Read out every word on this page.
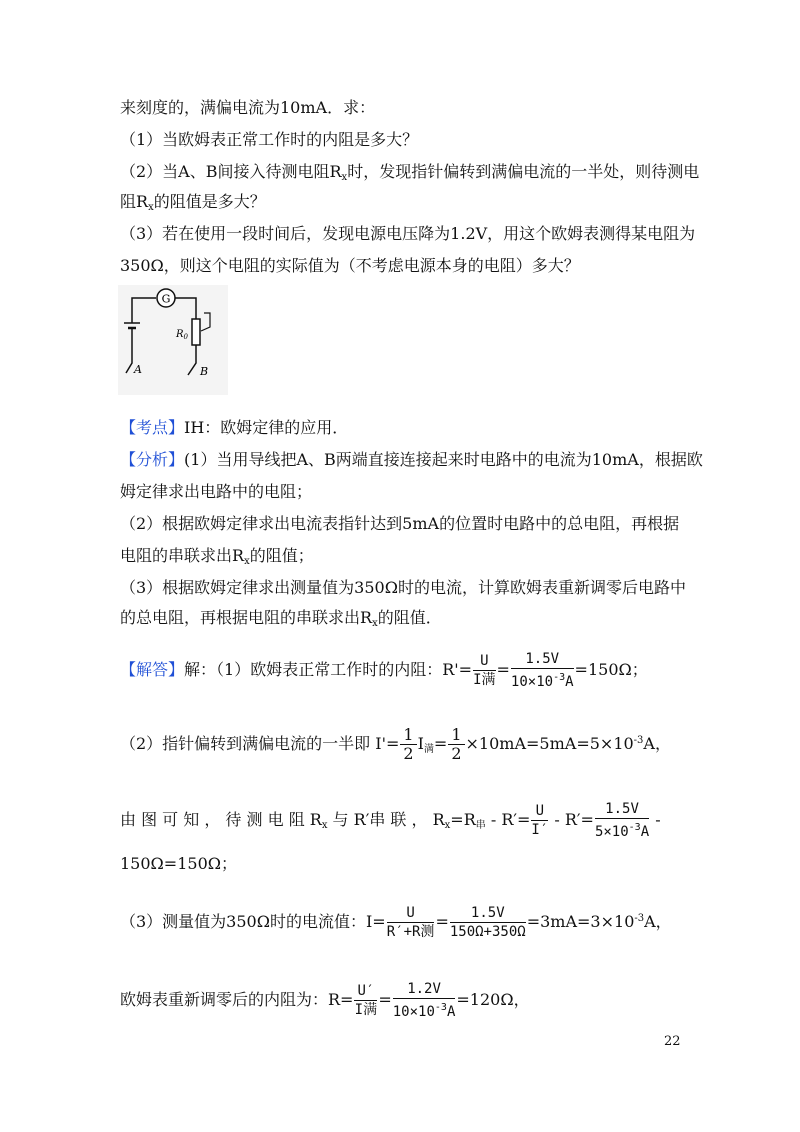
来刻度的，满偏电流为10mA．求：
（1）当欧姆表正常工作时的内阻是多大？
（2）当A、B间接入待测电阻$R_x$时，发现指针偏转到满偏电流的一半处，则待测电
阻$R_x$的阻值是多大？
（3）若在使用一段时间后，发现电源电压降为1.2V，用这个欧姆表测得某电阻为
350Ω，则这个电阻的实际值为（不考虑电源本身的电阻）多大？
G
$R_0$
A	B
【考点】IH：欧姆定律的应用．
【分析】(1）当用导线把A、B两端直接连接起来时电路中的电流为10mA，根据欧
姆定律求出电路中的电阻；
（2）根据欧姆定律求出电流表指针达到5mA的位置时电路中的总电阻，再根据
电阻的串联求出$R_x$的阻值；
（3）根据欧姆定律求出测量值为350Ω时的电流，计算欧姆表重新调零后电路中
的总电阻，再根据电阻的串联求出$R_x$的阻值．
【解答】解：（1）欧姆表正常工作时的内阻：$R'= \frac{U}{\text{I满}} = \frac{1.5V}{10\times 10^{-3}A} =150\Omega$；
（2）指针偏转到满偏电流的一半即 $I'= \frac{1}{2} I_满= \frac{1}{2} \times 10mA=5mA=5\times 10^{-3}A$，
由 图 可 知 ， 待 测 电 阻 $R_x$ 与 R′串 联 ， $R_x=R_串 - R'= \frac{U}{I'} - R'= \frac{1.5V}{5\times 10^{-3}A}$ -
150Ω=150Ω；
（3）测量值为350Ω时的电流值：$I= \frac{U}{\text{R′+R测}} = \frac{1.5V}{150\Omega+350\Omega} =3mA=3\times 10^{-3}A$，
欧姆表重新调零后的内阻为：$R= \frac{U'}{\text{I满}} = \frac{1.2V}{10\times 10^{-3}A} =120\Omega$，
22
